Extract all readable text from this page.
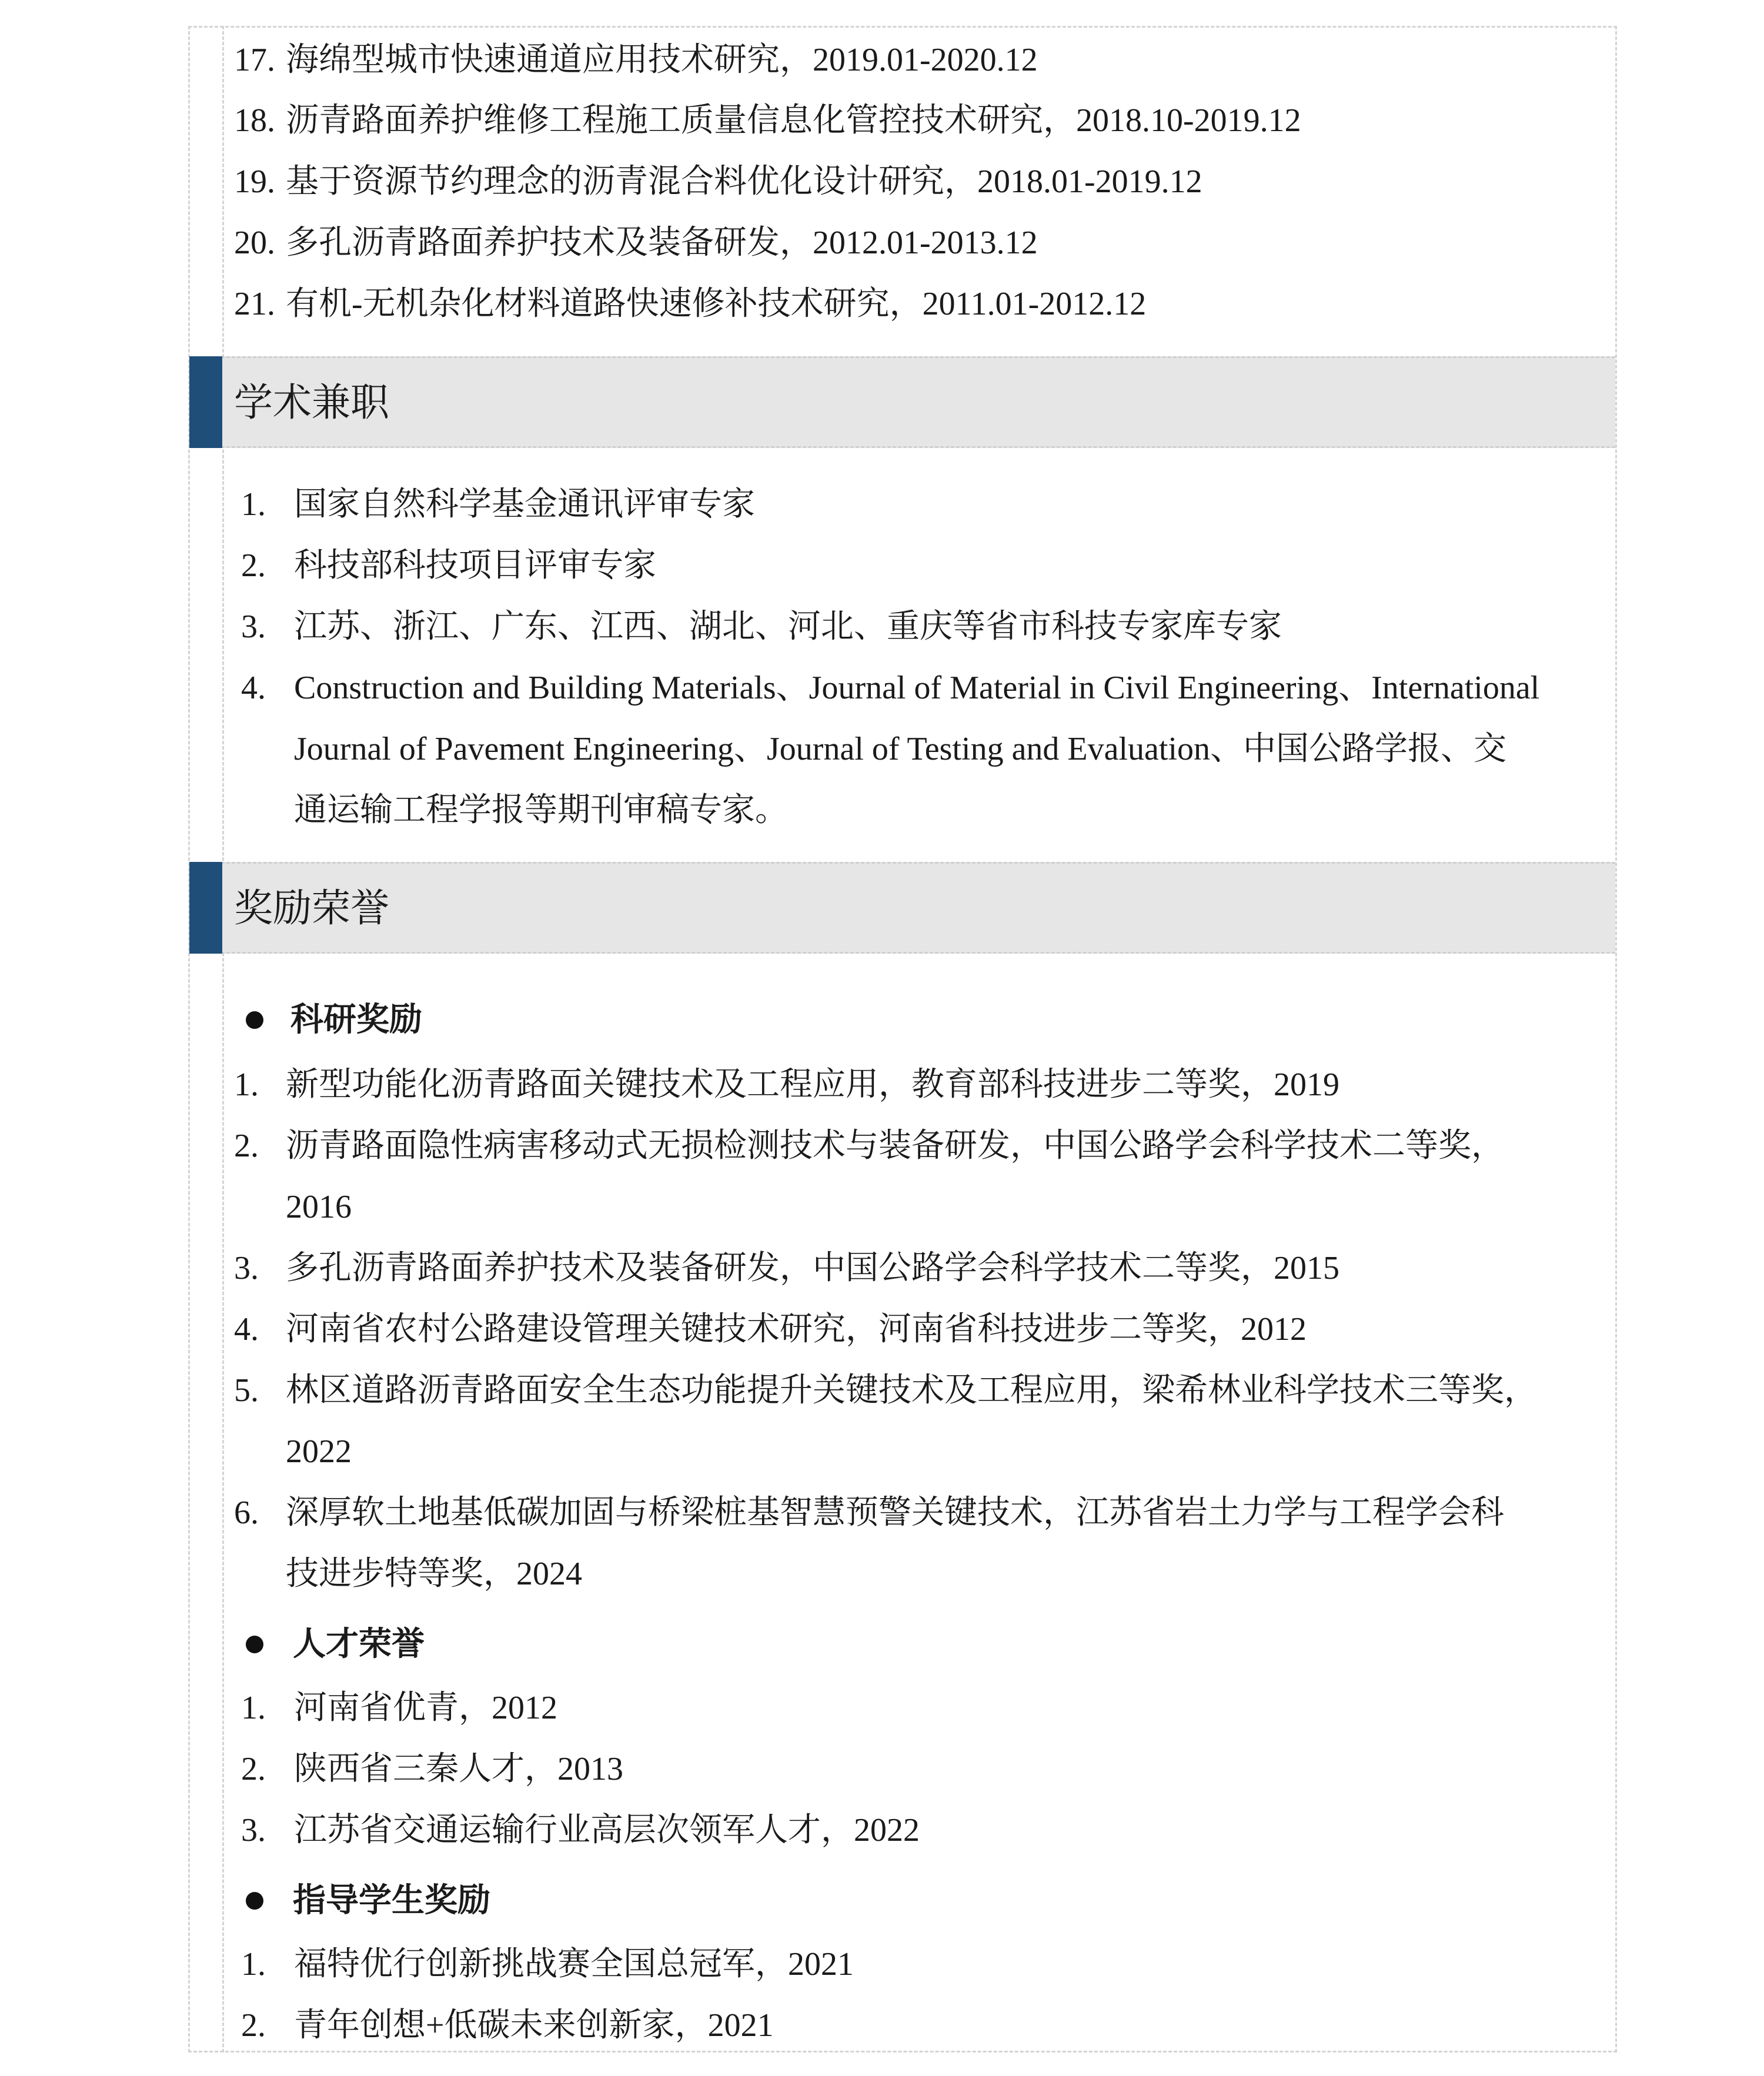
17. 海绵型城市快速通道应用技术研究，2019.01-2020.12
18. 沥青路面养护维修工程施工质量信息化管控技术研究，2018.10-2019.12
19. 基于资源节约理念的沥青混合料优化设计研究，2018.01-2019.12
20. 多孔沥青路面养护技术及装备研发，2012.01-2013.12
21. 有机-无机杂化材料道路快速修补技术研究，2011.01-2012.12
学术兼职
1. 国家自然科学基金通讯评审专家
2. 科技部科技项目评审专家
3. 江苏、浙江、广东、江西、湖北、河北、重庆等省市科技专家库专家
4. Construction and Building Materials、Journal of Material in Civil Engineering、International
Journal of Pavement Engineering、Journal of Testing and Evaluation、中国公路学报、交
通运输工程学报等期刊审稿专家。
奖励荣誉
科研奖励
1. 新型功能化沥青路面关键技术及工程应用，教育部科技进步二等奖，2019
2. 沥青路面隐性病害移动式无损检测技术与装备研发，中国公路学会科学技术二等奖，
2016
3. 多孔沥青路面养护技术及装备研发，中国公路学会科学技术二等奖，2015
4. 河南省农村公路建设管理关键技术研究，河南省科技进步二等奖，2012
5. 林区道路沥青路面安全生态功能提升关键技术及工程应用，梁希林业科学技术三等奖，
2022
6. 深厚软土地基低碳加固与桥梁桩基智慧预警关键技术，江苏省岩土力学与工程学会科
技进步特等奖，2024
人才荣誉
1. 河南省优青，2012
2. 陕西省三秦人才，2013
3. 江苏省交通运输行业高层次领军人才，2022
指导学生奖励
1. 福特优行创新挑战赛全国总冠军，2021
2. 青年创想+低碳未来创新家，2021
